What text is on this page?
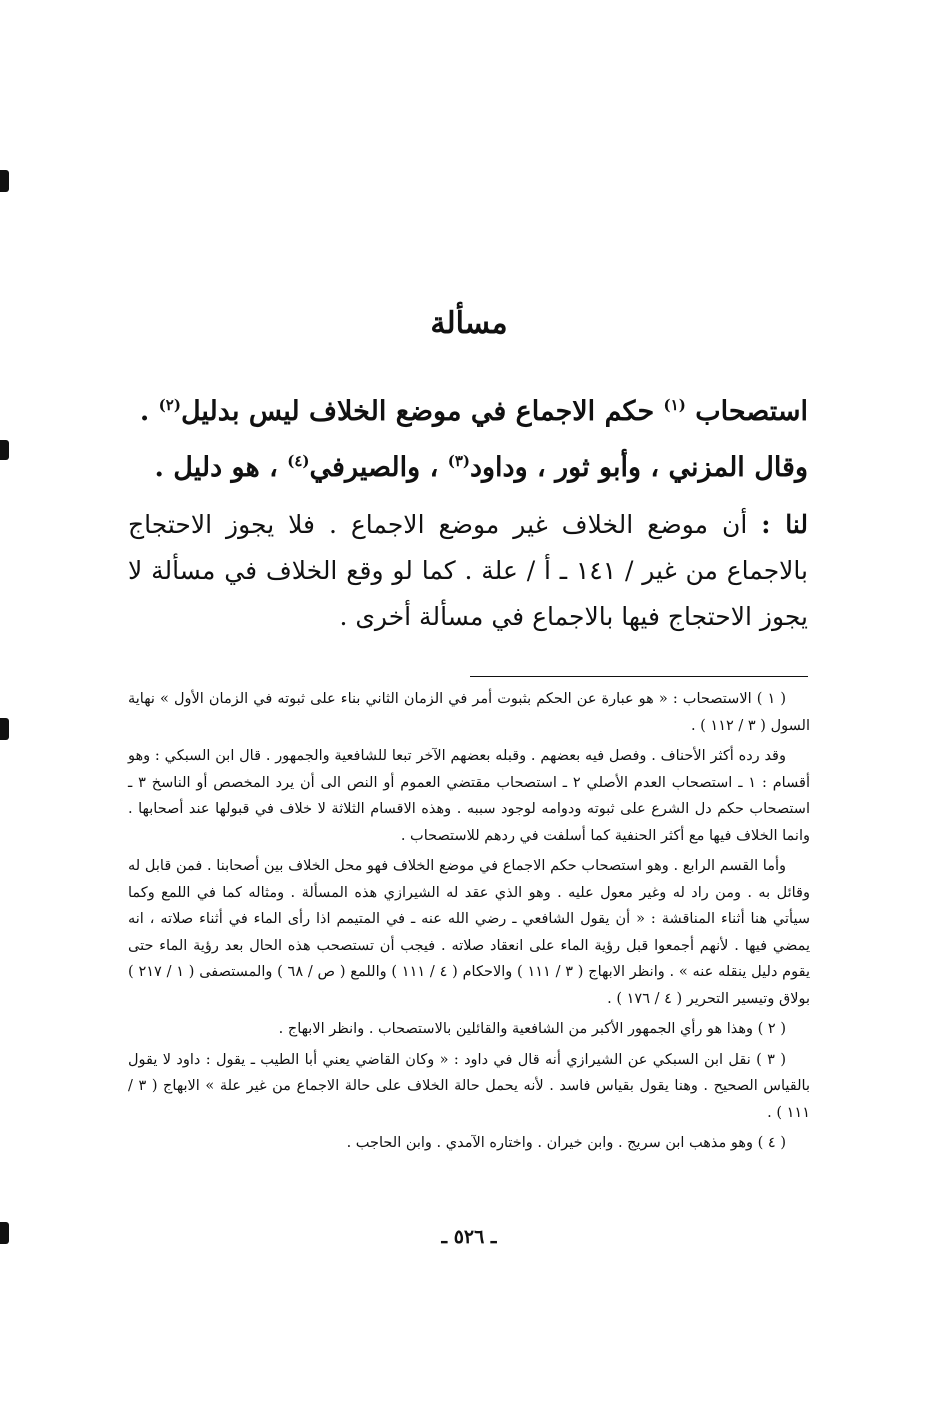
مسألة
استصحاب $^{(١)}$ حكم الاجماع في موضع الخلاف ليس بدليل$^{(٢)}$ .
وقال المزني ، وأبو ثور ، وداود$^{(٣)}$ ، والصيرفي$^{(٤)}$ ، هو دليل .
لنا : أن موضع الخلاف غير موضع الاجماع . فلا يجوز الاحتجاج بالاجماع من غير / ١٤١ ـ أ / علة . كما لو وقع الخلاف في مسألة لا يجوز الاحتجاج فيها بالاجماع في مسألة أخرى .

( ١ ) الاستصحاب : « هو عبارة عن الحكم بثبوت أمر في الزمان الثاني بناء على ثبوته في الزمان الأول » نهاية السول ( ٣ / ١١٢ ) .

وقد رده أكثر الأحناف . وفصل فيه بعضهم . وقبله بعضهم الآخر تبعا للشافعية والجمهور . قال ابن السبكي : وهو أقسام : ١ ـ استصحاب العدم الأصلي ٢ ـ استصحاب مقتضي العموم أو النص الى أن يرد المخصص أو الناسخ ٣ ـ استصحاب حكم دل الشرع على ثبوته ودوامه لوجود سببه . وهذه الاقسام الثلاثة لا خلاف في قبولها عند أصحابها . وانما الخلاف فيها مع أكثر الحنفية كما أسلفت في ردهم للاستصحاب .

وأما القسم الرابع . وهو استصحاب حكم الاجماع في موضع الخلاف فهو محل الخلاف بين أصحابنا . فمن قابل له وقائل به . ومن راد له وغير معول عليه . وهو الذي عقد له الشيرازي هذه المسألة . ومثاله كما في اللمع وكما سيأتي هنا أثناء المناقشة : « أن يقول الشافعي ـ رضي الله عنه ـ في المتيمم اذا رأى الماء في أثناء صلاته ، انه يمضي فيها . لأنهم أجمعوا قبل رؤية الماء على انعقاد صلاته . فيجب أن تستصحب هذه الحال بعد رؤية الماء حتى يقوم دليل ينقله عنه » . وانظر الابهاج ( ٣ / ١١١ ) والاحكام ( ٤ / ١١١ ) واللمع ( ص / ٦٨ ) والمستصفى ( ١ / ٢١٧ ) بولاق وتيسير التحرير ( ٤ / ١٧٦ ) .

( ٢ ) وهذا هو رأي الجمهور الأكبر من الشافعية والقائلين بالاستصحاب . وانظر الابهاج .

( ٣ ) نقل ابن السبكي عن الشيرازي أنه قال في داود : « وكان القاضي يعني أبا الطيب ـ يقول : داود لا يقول بالقياس الصحيح . وهنا يقول بقياس فاسد . لأنه يحمل حالة الخلاف على حالة الاجماع من غير علة » الابهاج ( ٣ / ١١١ ) .

( ٤ ) وهو مذهب ابن سريج . وابن خيران . واختاره الآمدي . وابن الحاجب .

ـ ٥٢٦ ـ
